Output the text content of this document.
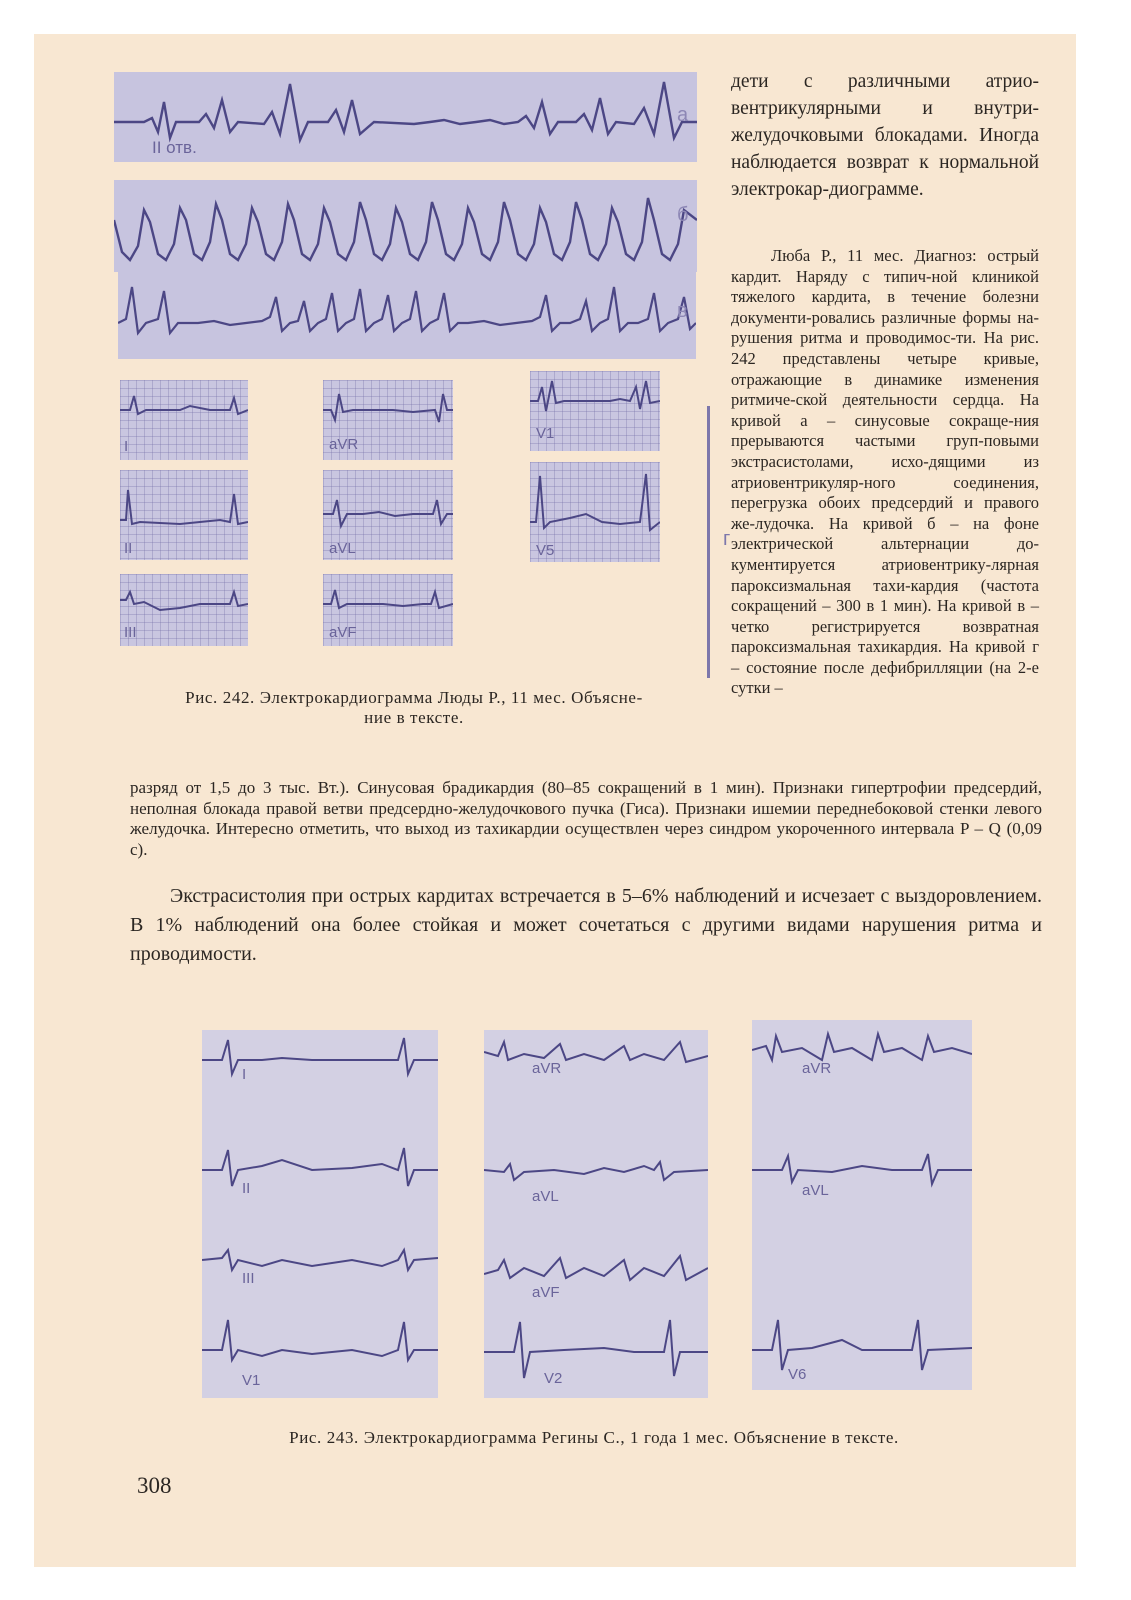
II отв.
а
б
в
I	aVR
V1
II	aVL	V5
III	aVF
г
Рис. 242. Электрокардиограмма Люды Р., 11 мес. Объясне-
ние в тексте.

дети с различными атрио-вентрикулярными и внутри-желудочковыми блокадами. Иногда наблюдается возврат к нормальной электрокар-диограмме.

Люба Р., 11 мес. Диагноз: острый кардит. Наряду с типич-ной клиникой тяжелого кардита, в течение болезни документи-ровались различные формы на-рушения ритма и проводимос-ти. На рис. 242 представлены четыре кривые, отражающие в динамике изменения ритмиче-ской деятельности сердца. На кривой а – синусовые сокраще-ния прерываются частыми груп-повыми экстрасистолами, исхо-дящими из атриовентрикуляр-ного соединения, перегрузка обоих предсердий и правого же-лудочка. На кривой б – на фоне электрической альтернации до-кументируется атриовентрику-лярная пароксизмальная тахи-кардия (частота сокращений – 300 в 1 мин). На кривой в – четко регистрируется возвратная пароксизмальная тахикардия. На кривой г – состояние после дефибрилляции (на 2-е сутки –

разряд от 1,5 до 3 тыс. Вт.). Синусовая брадикардия (80–85 сокращений в 1 мин). Признаки гипертрофии предсердий, неполная блокада правой ветви предсердно-желудочкового пучка (Гиса). Признаки ишемии переднебоковой стенки левого желудочка. Интересно отметить, что выход из тахикардии осуществлен через синдром укороченного интервала P – Q (0,09 с).

Экстрасистолия при острых кардитах встречается в 5–6% наблюдений и исчезает с выздоровлением. В 1% наблюдений она более стойкая и может сочетаться с другими видами нарушения ритма и проводимости.

I
II
III
V1
aVR
aVL
aVF
V2
aVR
aVL
V6
Рис. 243. Электрокардиограмма Регины С., 1 года 1 мес. Объяснение в тексте.
308
